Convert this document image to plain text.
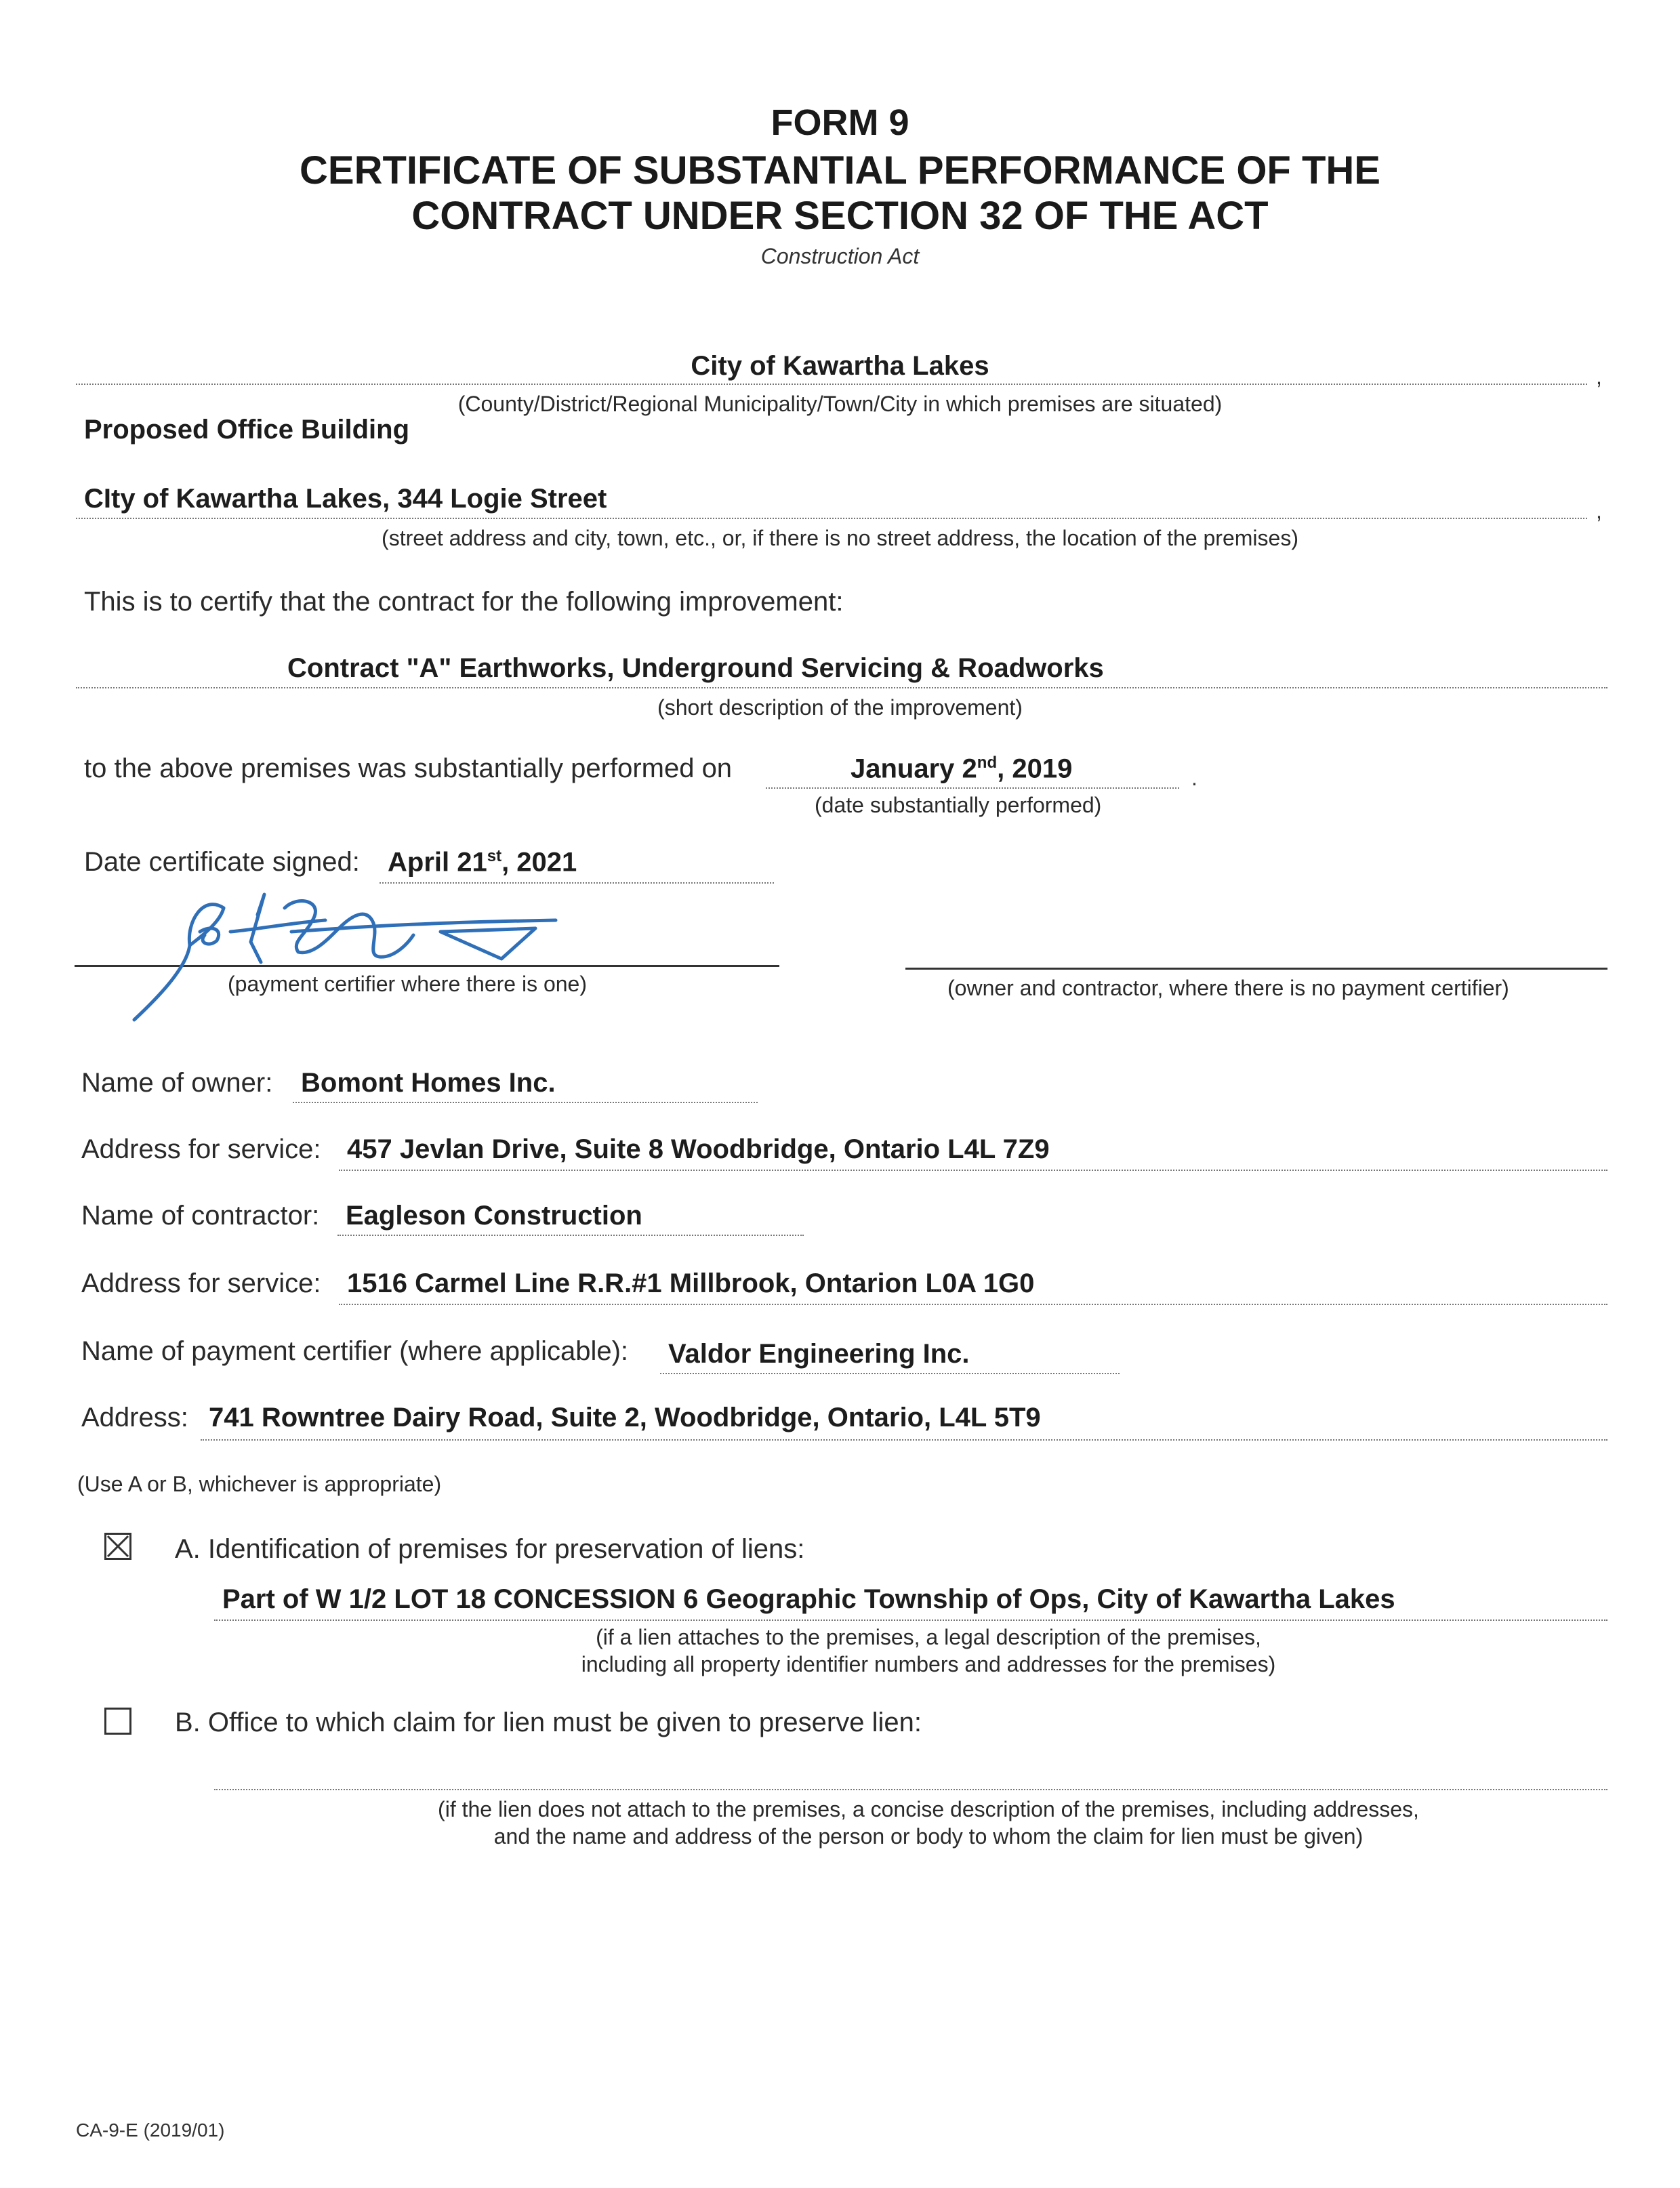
FORM 9
CERTIFICATE OF SUBSTANTIAL PERFORMANCE OF THE
CONTRACT UNDER SECTION 32 OF THE ACT
Construction Act
City of Kawartha Lakes	,
(County/District/Regional Municipality/Town/City in which premises are situated)
Proposed Office Building
CIty of Kawartha Lakes, 344 Logie Street	,
(street address and city, town, etc., or, if there is no street address, the location of the premises)
This is to certify that the contract for the following improvement:
Contract "A" Earthworks, Underground Servicing & Roadworks
(short description of the improvement)
to the above premises was substantially performed on	January 2nd, 2019	.
(date substantially performed)
Date certificate signed: April 21st, 2021
(payment certifier where there is one)	(owner and contractor, where there is no payment certifier)
Name of owner: Bomont Homes Inc.
Address for service: 457 Jevlan Drive, Suite 8 Woodbridge, Ontario L4L 7Z9
Name of contractor: Eagleson Construction
Address for service: 1516 Carmel Line R.R.#1 Millbrook, Ontarion L0A 1G0
Name of payment certifier (where applicable): Valdor Engineering Inc.
Address: 741 Rowntree Dairy Road, Suite 2, Woodbridge, Ontario, L4L 5T9
(Use A or B, whichever is appropriate)
A. Identification of premises for preservation of liens:
Part of W 1/2 LOT 18 CONCESSION 6 Geographic Township of Ops, City of Kawartha Lakes
(if a lien attaches to the premises, a legal description of the premises,
including all property identifier numbers and addresses for the premises)
B. Office to which claim for lien must be given to preserve lien:
(if the lien does not attach to the premises, a concise description of the premises, including addresses,
and the name and address of the person or body to whom the claim for lien must be given)
CA-9-E (2019/01)
